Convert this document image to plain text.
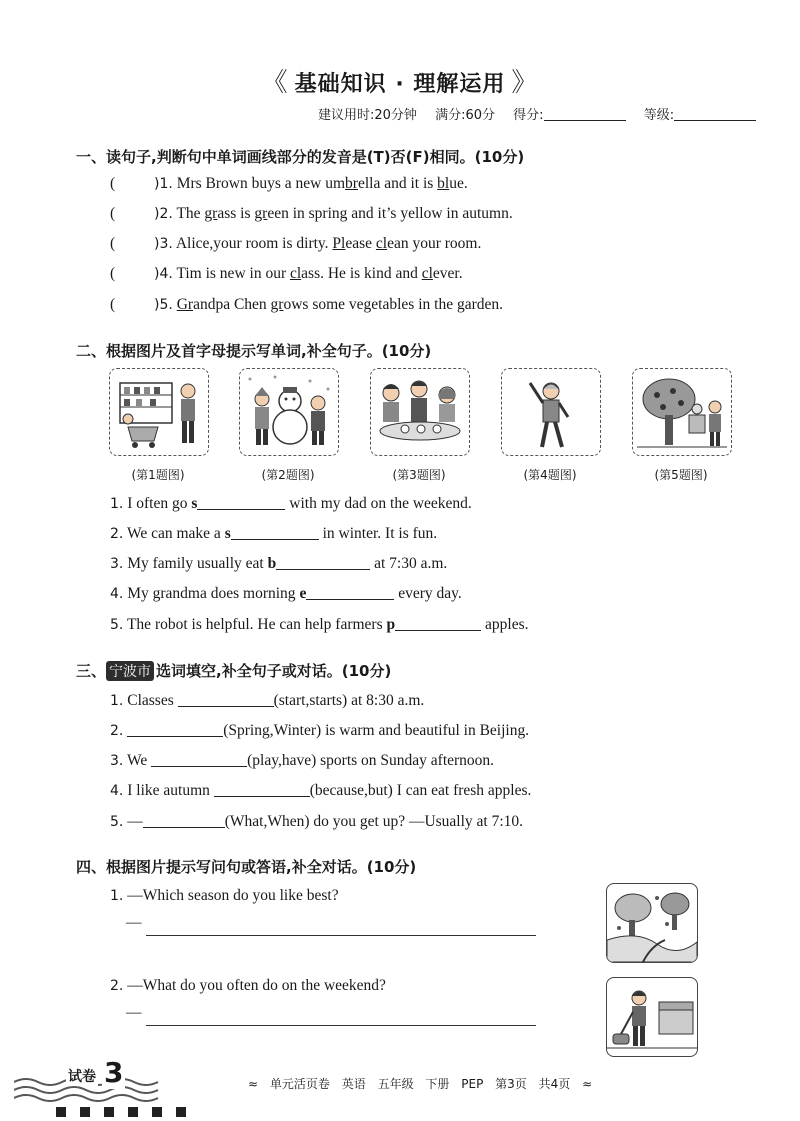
《 基础知识 · 理解运用 》
建议用时:20分钟 满分:60分 得分:	等级:
一、读句子,判断句中单词画线部分的发音是(T)否(F)相同。(10分)
(	)1. Mrs Brown buys a new umbrella and it is blue.
(	)2. The grass is green in spring and it’s yellow in autumn.
(	)3. Alice,your room is dirty. Please clean your room.
(	)4. Tim is new in our class. He is kind and clever.
(	)5. Grandpa Chen grows some vegetables in the garden.
二、根据图片及首字母提示写单词,补全句子。(10分)
(第1题图)	(第2题图)	(第3题图)	(第4题图)	(第5题图)
1. I often go s	with my dad on the weekend.
2. We can make a s	in winter. It is fun.
3. My family usually eat b	at 7:30 a.m.
4. My grandma does morning e	every day.
5. The robot is helpful. He can help farmers p	apples.
三、 宁波市 选词填空,补全句子或对话。(10分)
1. Classes	(start,starts) at 8:30 a.m.
2.	(Spring,Winter) is warm and beautiful in Beijing.
3. We	(play,have) sports on Sunday afternoon.
4. I like autumn	(because,but) I can eat fresh apples.
5. —	(What,When) do you get up? —Usually at 7:10.
四、根据图片提示写问句或答语,补全对话。(10分)
1. —Which season do you like best?
—
2. —What do you often do on the weekend?
—
试卷 3	≈ 单元活页卷 英语 五年级 下册 PEP 第3页 共4页 ≈
